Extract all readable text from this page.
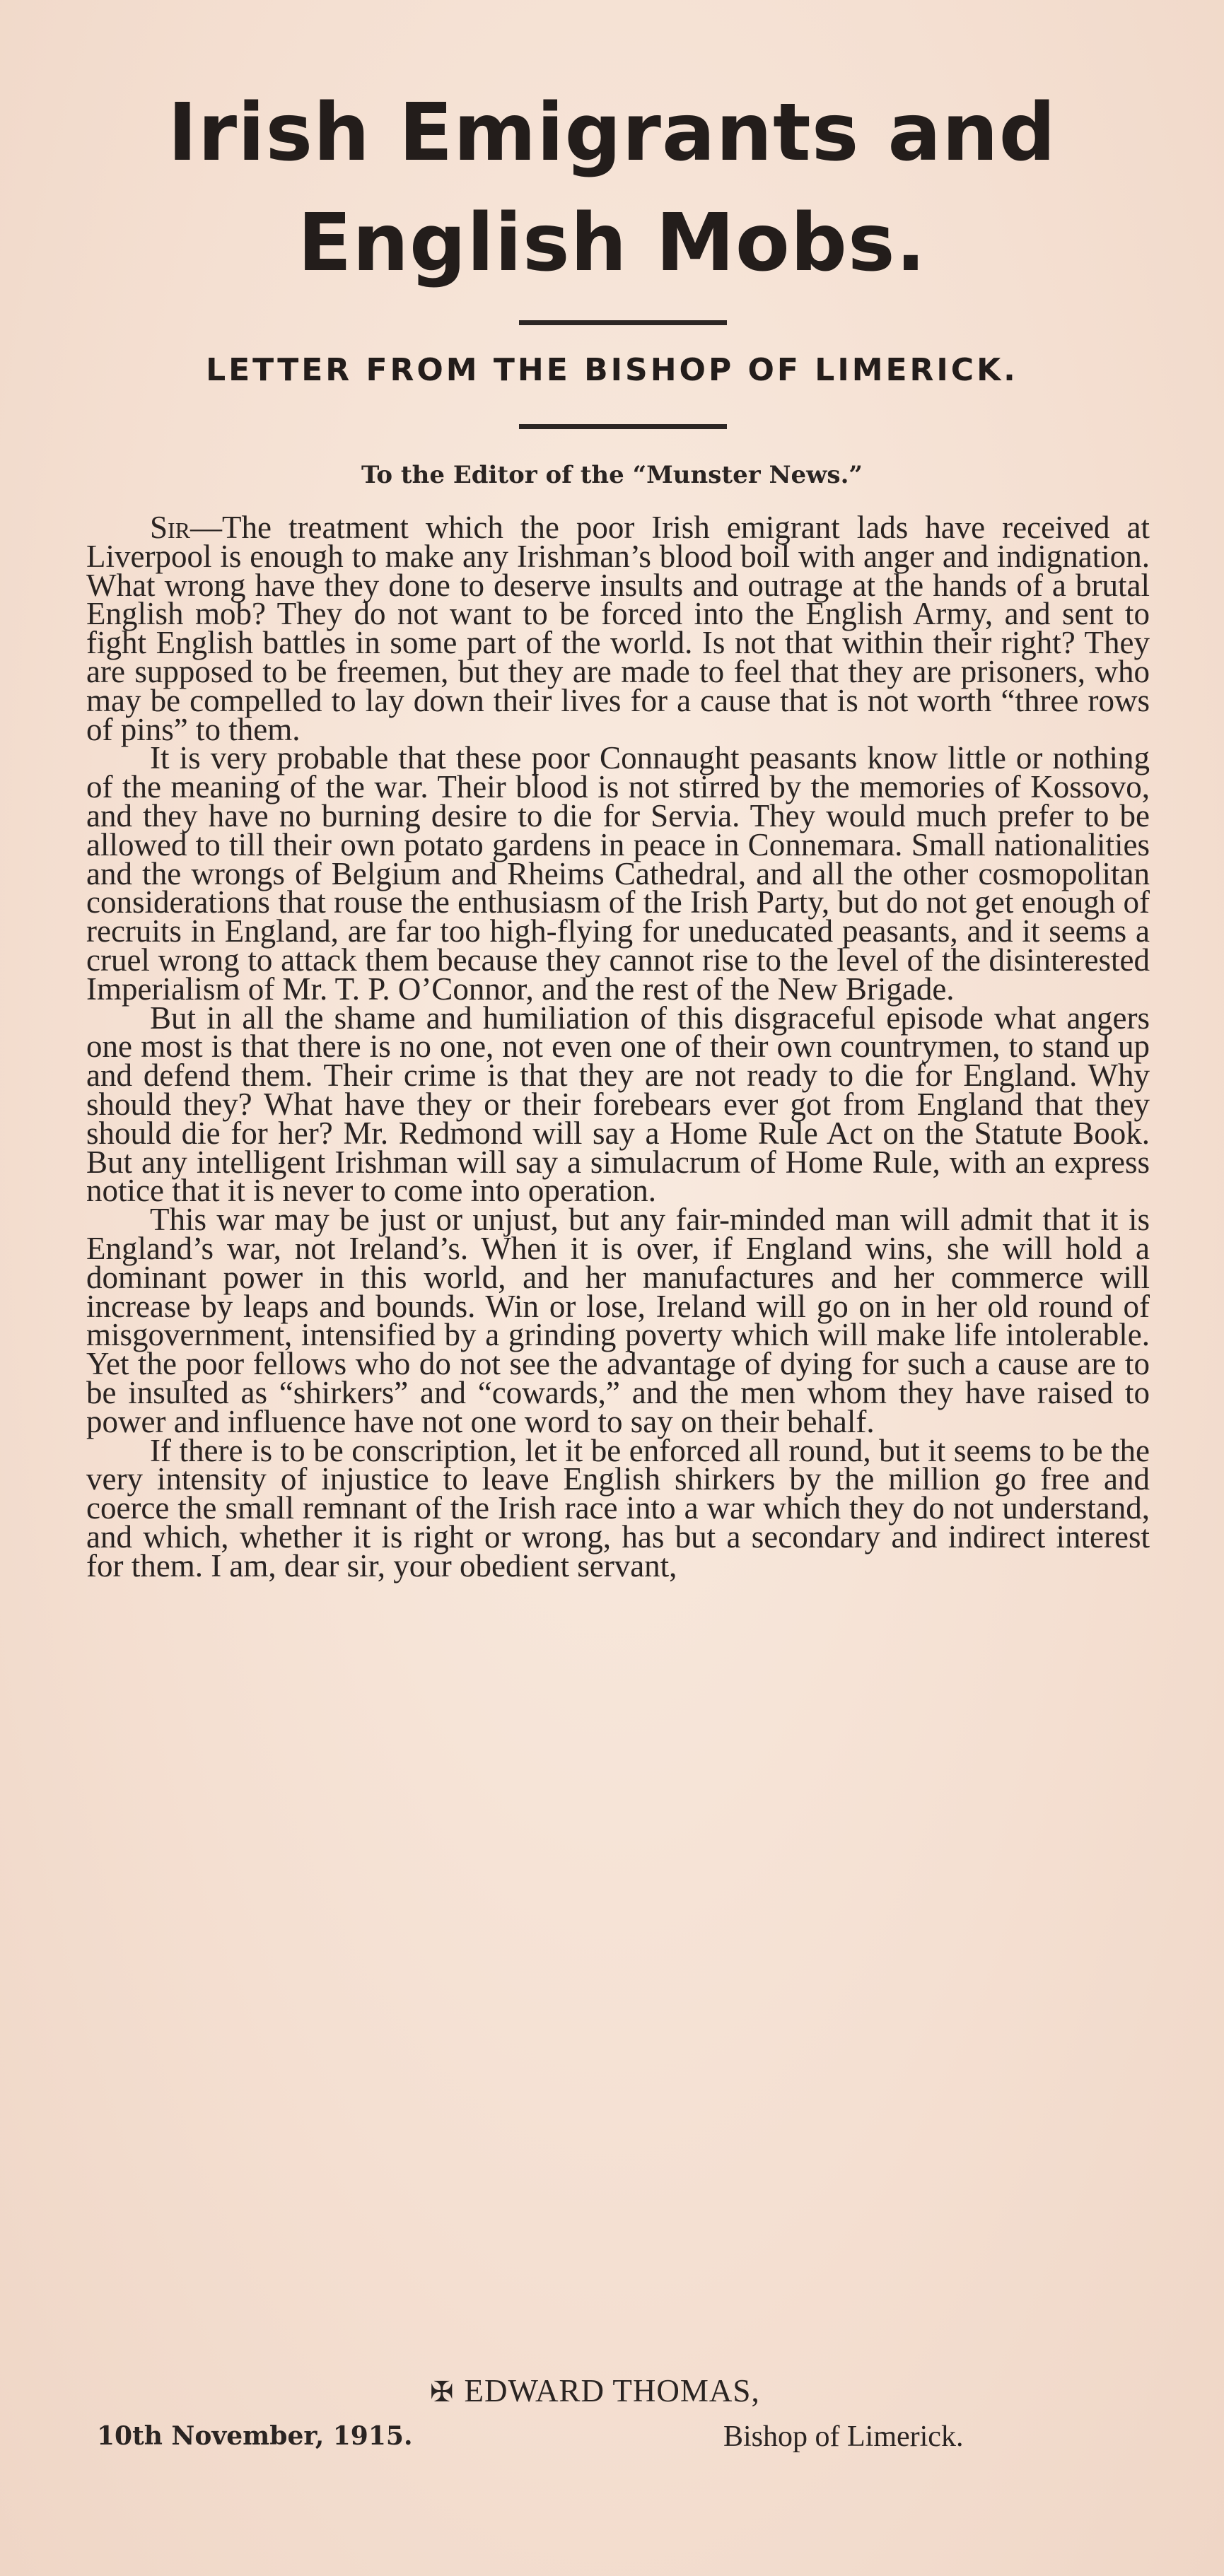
Irish Emigrants and
English Mobs.
LETTER FROM THE BISHOP OF LIMERICK.
To the Editor of the “Munster News.”

Sir—The treatment which the poor Irish emigrant lads have received at Liverpool is enough to make any Irishman’s blood boil with anger and indignation. What wrong have they done to deserve insults and outrage at the hands of a brutal English mob? They do not want to be forced into the English Army, and sent to fight English battles in some part of the world. Is not that within their right? They are supposed to be freemen, but they are made to feel that they are prisoners, who may be compelled to lay down their lives for a cause that is not worth “three rows of pins” to them.

It is very probable that these poor Connaught peasants know little or nothing of the meaning of the war. Their blood is not stirred by the memories of Kossovo, and they have no burning desire to die for Servia. They would much prefer to be allowed to till their own potato gardens in peace in Connemara. Small nationalities and the wrongs of Belgium and Rheims Cathedral, and all the other cosmopolitan considerations that rouse the enthusiasm of the Irish Party, but do not get enough of recruits in England, are far too high-flying for uneducated peasants, and it seems a cruel wrong to attack them because they cannot rise to the level of the disinterested Imperialism of Mr. T. P. O’Connor, and the rest of the New Brigade.

But in all the shame and humiliation of this disgraceful episode what angers one most is that there is no one, not even one of their own countrymen, to stand up and defend them. Their crime is that they are not ready to die for England. Why should they? What have they or their forebears ever got from England that they should die for her? Mr. Redmond will say a Home Rule Act on the Statute Book. But any intelligent Irishman will say a simulacrum of Home Rule, with an express notice that it is never to come into operation.

This war may be just or unjust, but any fair-minded man will admit that it is England’s war, not Ireland’s. When it is over, if England wins, she will hold a dominant power in this world, and her manufactures and her commerce will increase by leaps and bounds. Win or lose, Ireland will go on in her old round of misgovernment, intensified by a grinding poverty which will make life intolerable. Yet the poor fellows who do not see the advantage of dying for such a cause are to be insulted as “shirkers” and “cowards,” and the men whom they have raised to power and influence have not one word to say on their behalf.

If there is to be conscription, let it be enforced all round, but it seems to be the very intensity of injustice to leave English shirkers by the million go free and coerce the small remnant of the Irish race into a war which they do not understand, and which, whether it is right or wrong, has but a secondary and indirect interest for them. I am, dear sir, your obedient servant,

✠ EDWARD THOMAS,
10th November, 1915.	Bishop of Limerick.
